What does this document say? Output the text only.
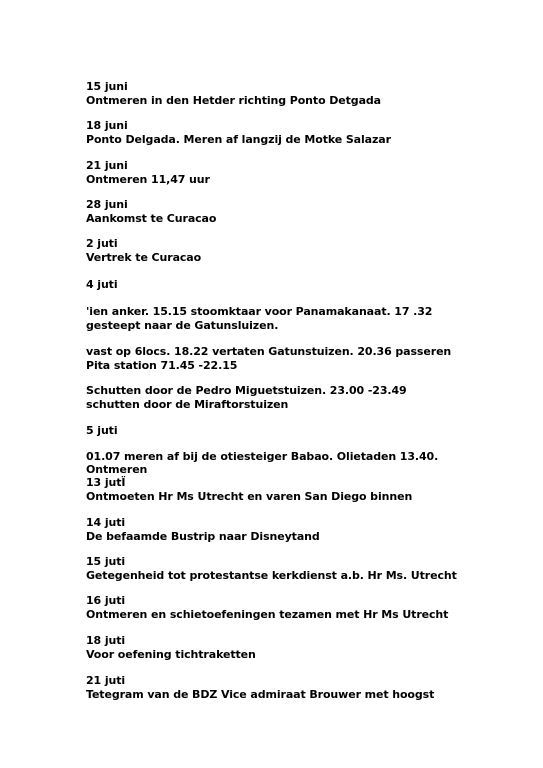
15 juni
Ontmeren in den Hetder richting Ponto Detgada
18 juni
Ponto Delgada. Meren af langzij de Motke Salazar
21 juni
Ontmeren 11,47 uur
28 juni
Aankomst te Curacao
2 juti
Vertrek te Curacao
4 juti
'ien anker. 15.15 stoomktaar voor Panamakanaat. 17 .32
gesteept naar de Gatunsluizen.
vast op 6locs. 18.22 vertaten Gatunstuizen. 20.36 passeren
Pita station 71.45 -22.15
Schutten door de Pedro Miguetstuizen. 23.00 -23.49
schutten door de Miraftorstuizen
5 juti
01.07 meren af bij de otiesteiger Babao. Olietaden 13.40.
Ontmeren
13 jutÏ
Ontmoeten Hr Ms Utrecht en varen San Diego binnen
14 juti
De befaamde Bustrip naar Disneytand
15 juti
Getegenheid tot protestantse kerkdienst a.b. Hr Ms. Utrecht
16 juti
Ontmeren en schietoefeningen tezamen met Hr Ms Utrecht
18 juti
Voor oefening tichtraketten
21 juti
Tetegram van de BDZ Vice admiraat Brouwer met hoogst
